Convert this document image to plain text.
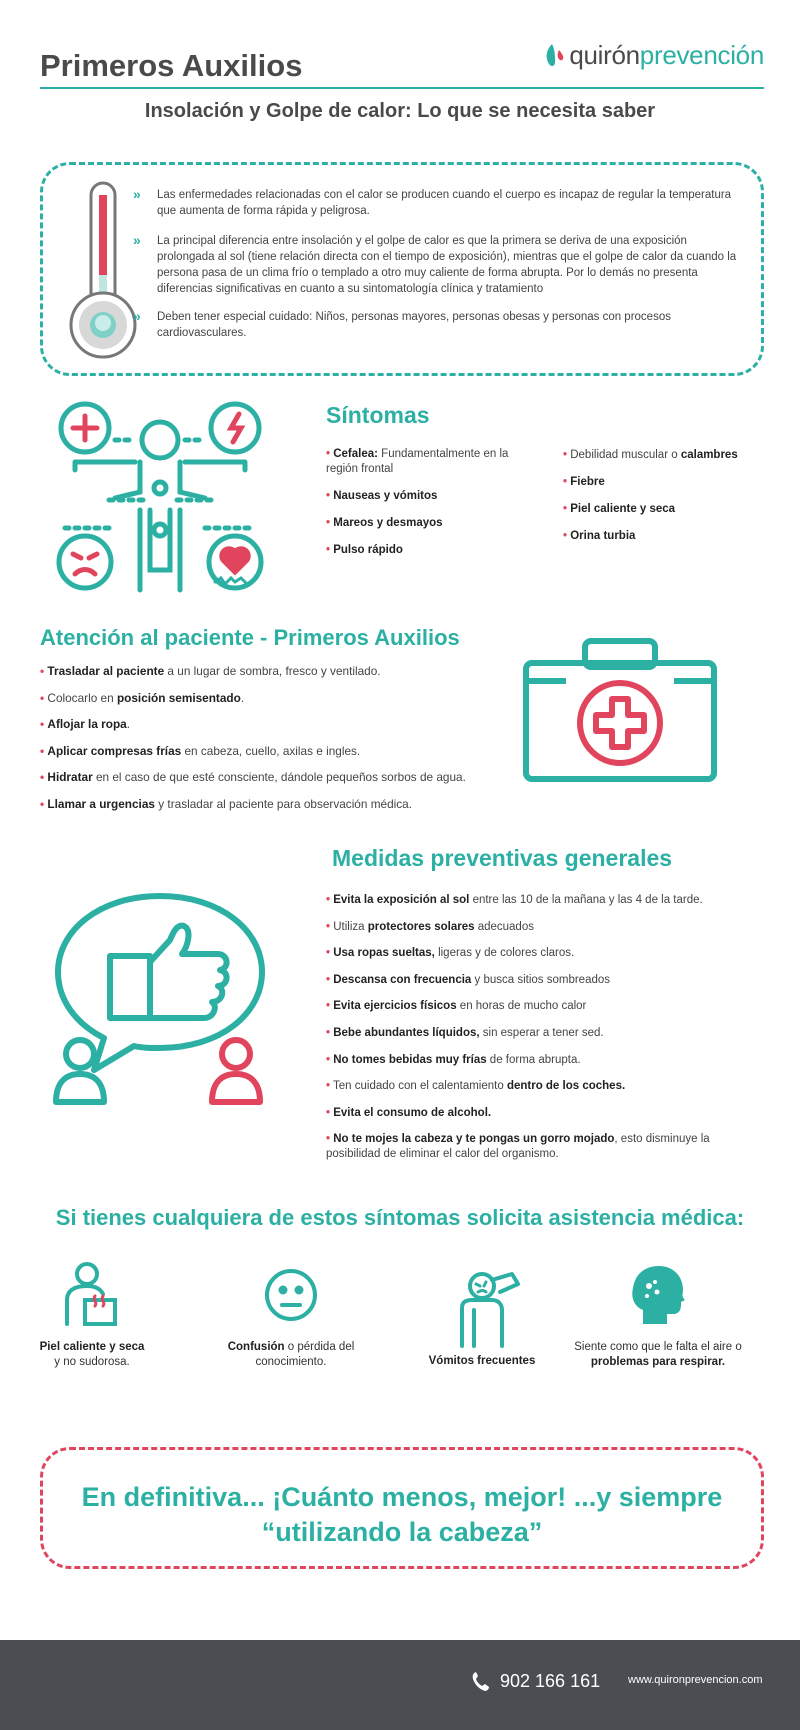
Primeros Auxilios	quirónprevención
Insolación y Golpe de calor: Lo que se necesita saber
» Las enfermedades relacionadas con el calor se producen cuando el cuerpo es incapaz de regular la temperatura que aumenta de forma rápida y peligrosa.
» La principal diferencia entre insolación y el golpe de calor es que la primera se deriva de una exposición prolongada al sol (tiene relación directa con el tiempo de exposición), mientras que el golpe de calor da cuando la persona pasa de un clima frío o templado a otro muy caliente de forma abrupta. Por lo demás no presenta diferencias significativas en cuanto a su sintomatología clínica y tratamiento
» Deben tener especial cuidado: Niños, personas mayores, personas obesas y personas con procesos cardiovasculares.
Síntomas
• Cefalea: Fundamentalmente en la región frontal
• Nauseas y vómitos
• Mareos y desmayos
• Pulso rápido
• Debilidad muscular o calambres
• Fiebre
• Piel caliente y seca
• Orina turbia
Atención al paciente - Primeros Auxilios
• Trasladar al paciente a un lugar de sombra, fresco y ventilado.
• Colocarlo en posición semisentado.
• Aflojar la ropa.
• Aplicar compresas frías en cabeza, cuello, axilas e ingles.
• Hidratar en el caso de que esté consciente, dándole pequeños sorbos de agua.
• Llamar a urgencias y trasladar al paciente para observación médica.
Medidas preventivas generales
• Evita la exposición al sol entre las 10 de la mañana y las 4 de la tarde.
• Utiliza protectores solares adecuados
• Usa ropas sueltas, ligeras y de colores claros.
• Descansa con frecuencia y busca sitios sombreados
• Evita ejercicios físicos en horas de mucho calor
• Bebe abundantes líquidos, sin esperar a tener sed.
• No tomes bebidas muy frías de forma abrupta.
• Ten cuidado con el calentamiento dentro de los coches.
• Evita el consumo de alcohol.
• No te mojes la cabeza y te pongas un gorro mojado, esto disminuye la posibilidad de eliminar el calor del organismo.
Si tienes cualquiera de estos síntomas solicita asistencia médica:
Piel caliente y seca
y no sudorosa.
Confusión o pérdida del conocimiento.	Vómitos frecuentes
Siente como que le falta el aire o
problemas para respirar.
En definitiva... ¡Cuánto menos, mejor! ...y siempre
“utilizando la cabeza”
902 166 161	www.quironprevencion.com
